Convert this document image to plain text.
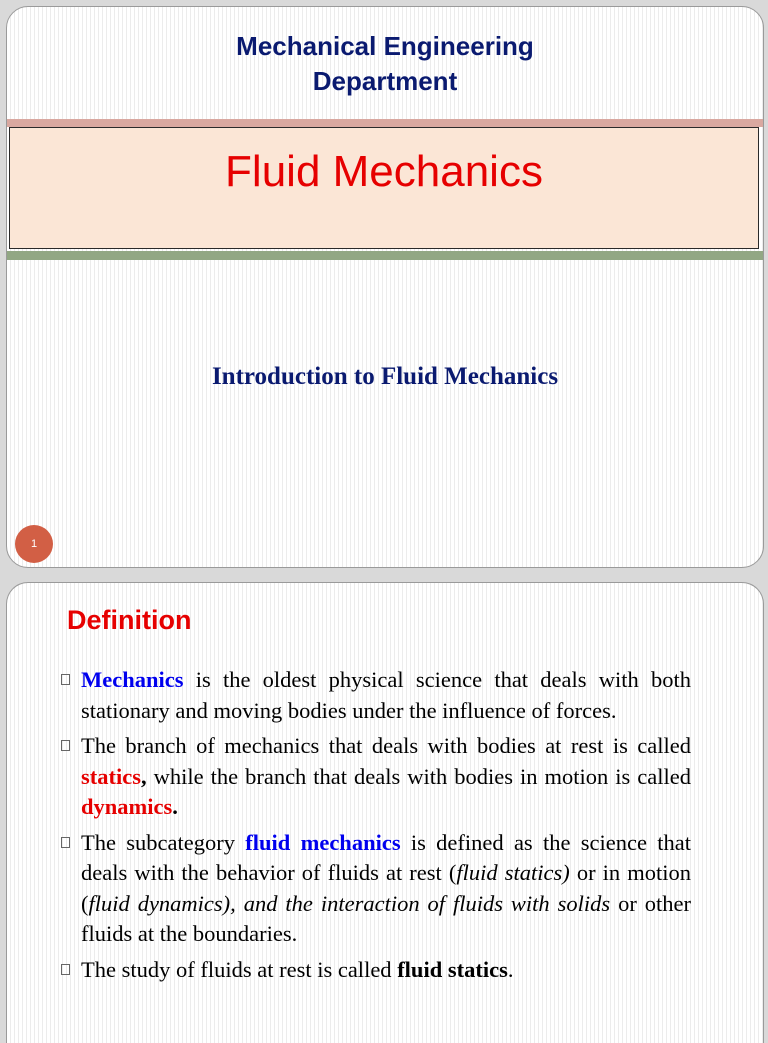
Mechanical Engineering
Department
Fluid Mechanics
Introduction to Fluid Mechanics
1
Definition
Mechanics is the oldest physical science that deals with both stationary and moving bodies under the influence of forces.
The branch of mechanics that deals with bodies at rest is called statics, while the branch that deals with bodies in motion is called dynamics.
The subcategory fluid mechanics is defined as the science that deals with the behavior of fluids at rest (fluid statics) or in motion (fluid dynamics), and the interaction of fluids with solids or other fluids at the boundaries.
The study of fluids at rest is called fluid statics.
